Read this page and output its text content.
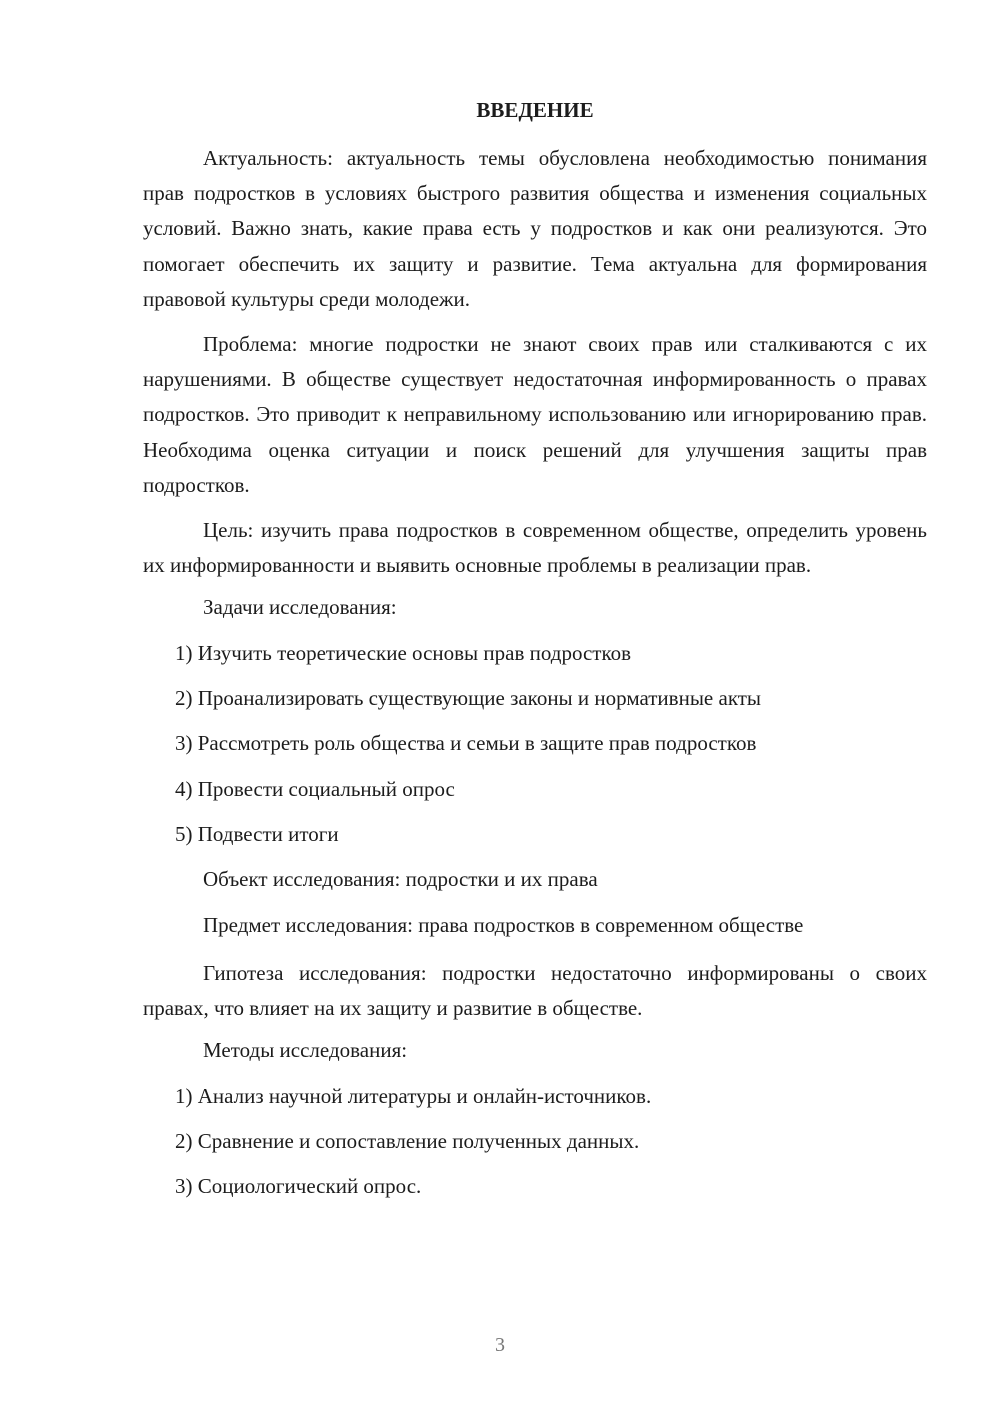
ВВЕДЕНИЕ

Актуальность: актуальность темы обусловлена необходимостью понимания прав подростков в условиях быстрого развития общества и изменения социальных условий. Важно знать, какие права есть у подростков и как они реализуются. Это помогает обеспечить их защиту и развитие. Тема актуальна для формирования правовой культуры среди молодежи.

Проблема: многие подростки не знают своих прав или сталкиваются с их нарушениями. В обществе существует недостаточная информированность о правах подростков. Это приводит к неправильному использованию или игнорированию прав. Необходима оценка ситуации и поиск решений для улучшения защиты прав подростков.

Цель: изучить права подростков в современном обществе, определить уровень их информированности и выявить основные проблемы в реализации прав.

Задачи исследования:
1) Изучить теоретические основы прав подростков
2) Проанализировать существующие законы и нормативные акты
3) Рассмотреть роль общества и семьи в защите прав подростков
4) Провести социальный опрос
5) Подвести итоги
Объект исследования: подростки и их права
Предмет исследования: права подростков в современном обществе

Гипотеза исследования: подростки недостаточно информированы о своих правах, что влияет на их защиту и развитие в обществе.

Методы исследования:
1) Анализ научной литературы и онлайн-источников.
2) Сравнение и сопоставление полученных данных.
3) Социологический опрос.
3
